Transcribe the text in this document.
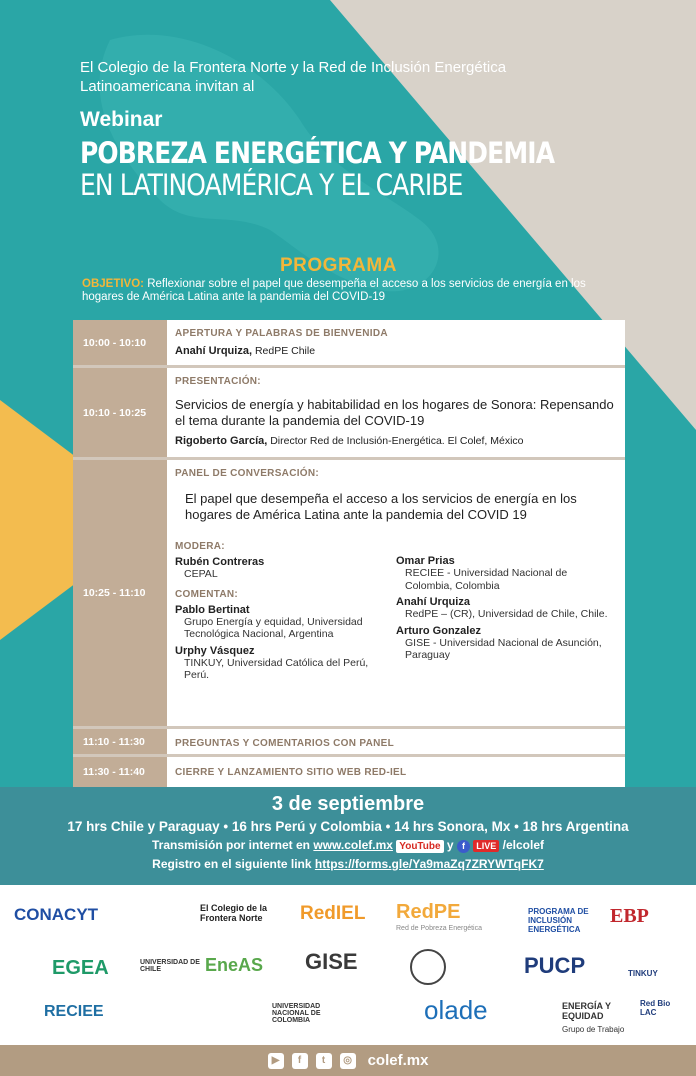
El Colegio de la Frontera Norte y la Red de Inclusión Energética Latinoamericana invitan al
Webinar
POBREZA ENERGÉTICA Y PANDEMIA
EN LATINOAMÉRICA Y EL CARIBE
PROGRAMA
OBJETIVO: Reflexionar sobre el papel que desempeña el acceso a los servicios de energía en los hogares de América Latina ante la pandemia del COVID-19
10:00 - 10:10
APERTURA Y PALABRAS DE BIENVENIDA
Anahí Urquiza, RedPE Chile
10:10 - 10:25
PRESENTACIÓN:
Servicios de energía y habitabilidad en los hogares de Sonora: Repensando el tema durante la pandemia del COVID-19
Rigoberto García, Director Red de Inclusión-Energética. El Colef, México
10:25 - 11:10
PANEL DE CONVERSACIÓN:
El papel que desempeña el acceso a los servicios de energía en los hogares de América Latina ante la pandemia del COVID 19
MODERA:
Rubén Contreras
CEPAL
COMENTAN:
Pablo Bertinat
Grupo Energía y equidad, Universidad Tecnológica Nacional, Argentina
Urphy Vásquez
TINKUY, Universidad Católica del Perú, Perú.
Omar Prias
RECIEE - Universidad Nacional de Colombia, Colombia
Anahí Urquiza
RedPE – (CR), Universidad de Chile, Chile.
Arturo Gonzalez
GISE - Universidad Nacional de Asunción, Paraguay
11:10 - 11:30	PREGUNTAS Y COMENTARIOS CON PANEL
11:30 - 11:40	CIERRE Y LANZAMIENTO SITIO WEB RED-IEL
3 de septiembre
17 hrs Chile y Paraguay • 16 hrs Perú y Colombia • 14 hrs Sonora, Mx • 18 hrs Argentina
Transmisión por internet en www.colef.mx YouTube y f LIVE /elcolef
Registro en el siguiente link https://forms.gle/Ya9maZq7ZRYWTqFK7
CONACYT	El Colegio de la Frontera Norte	RedIEL RedPE
Red de Pobreza Energética
PROGRAMA DE INCLUSIÓN ENERGÉTICA
EBP
EGEA	UNIVERSIDAD DE CHILE	EneAS GISE	PUCP	TINKUY
RECIEE	UNIVERSIDAD NACIONAL DE COLOMBIA	olade	ENERGÍA Y EQUIDAD
Grupo de Trabajo
Red Bio LAC
▶	f	t	◎ colef.mx
